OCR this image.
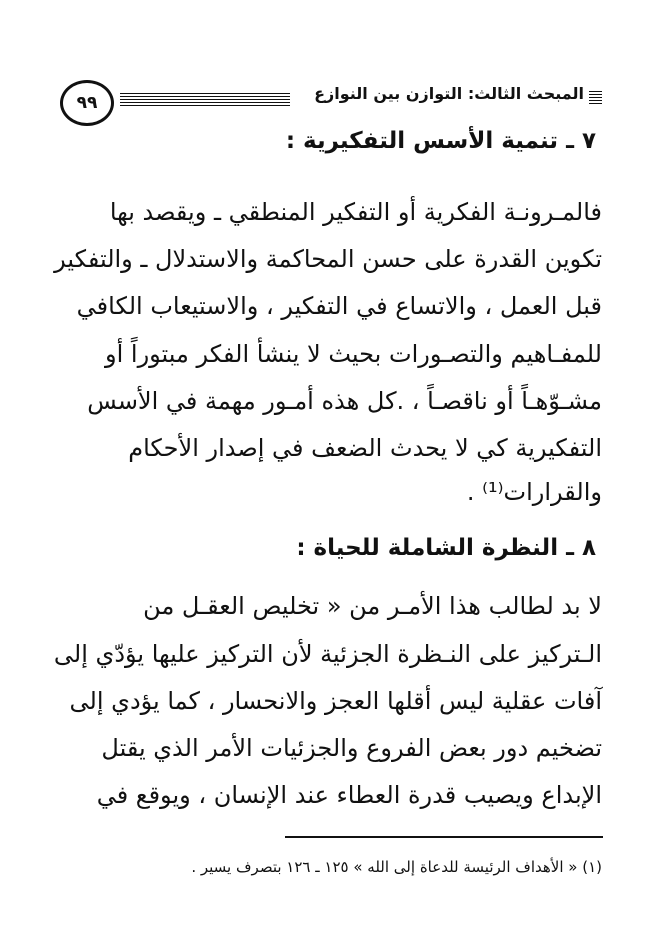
٩٩	المبحث الثالث: التوازن بين النوازع
٧ ـ تنمية الأسس التفكيرية :
فالمـرونـة الفكرية أو التفكير المنطقي ـ ويقصد بها
تكوين القدرة على حسن المحاكمة والاستدلال ـ والتفكير
قبل العمل ، والاتساع في التفكير ، والاستيعاب الكافي
للمفـاهيم والتصـورات بحيث لا ينشأ الفكر مبتوراً أو
مشـوّهـاً أو ناقصـاً ، .كل هذه أمـور مهمة في الأسس
التفكيرية كي لا يحدث الضعف في إصدار الأحكام
والقرارات⁽¹⁾ .
٨ ـ النظرة الشاملة للحياة :
لا بد لطالب هذا الأمـر من « تخليص العقـل من
الـتركيز على النـظرة الجزئية لأن التركيز عليها يؤدّي إلى
آفات عقلية ليس أقلها العجز والانحسار ، كما يؤدي إلى
تضخيم دور بعض الفروع والجزئيات الأمر الذي يقتل
الإبداع ويصيب قدرة العطاء عند الإنسان ، ويوقع في
(١) « الأهداف الرئيسة للدعاة إلى الله » ١٢٥ ـ ١٢٦ بتصرف يسير .
